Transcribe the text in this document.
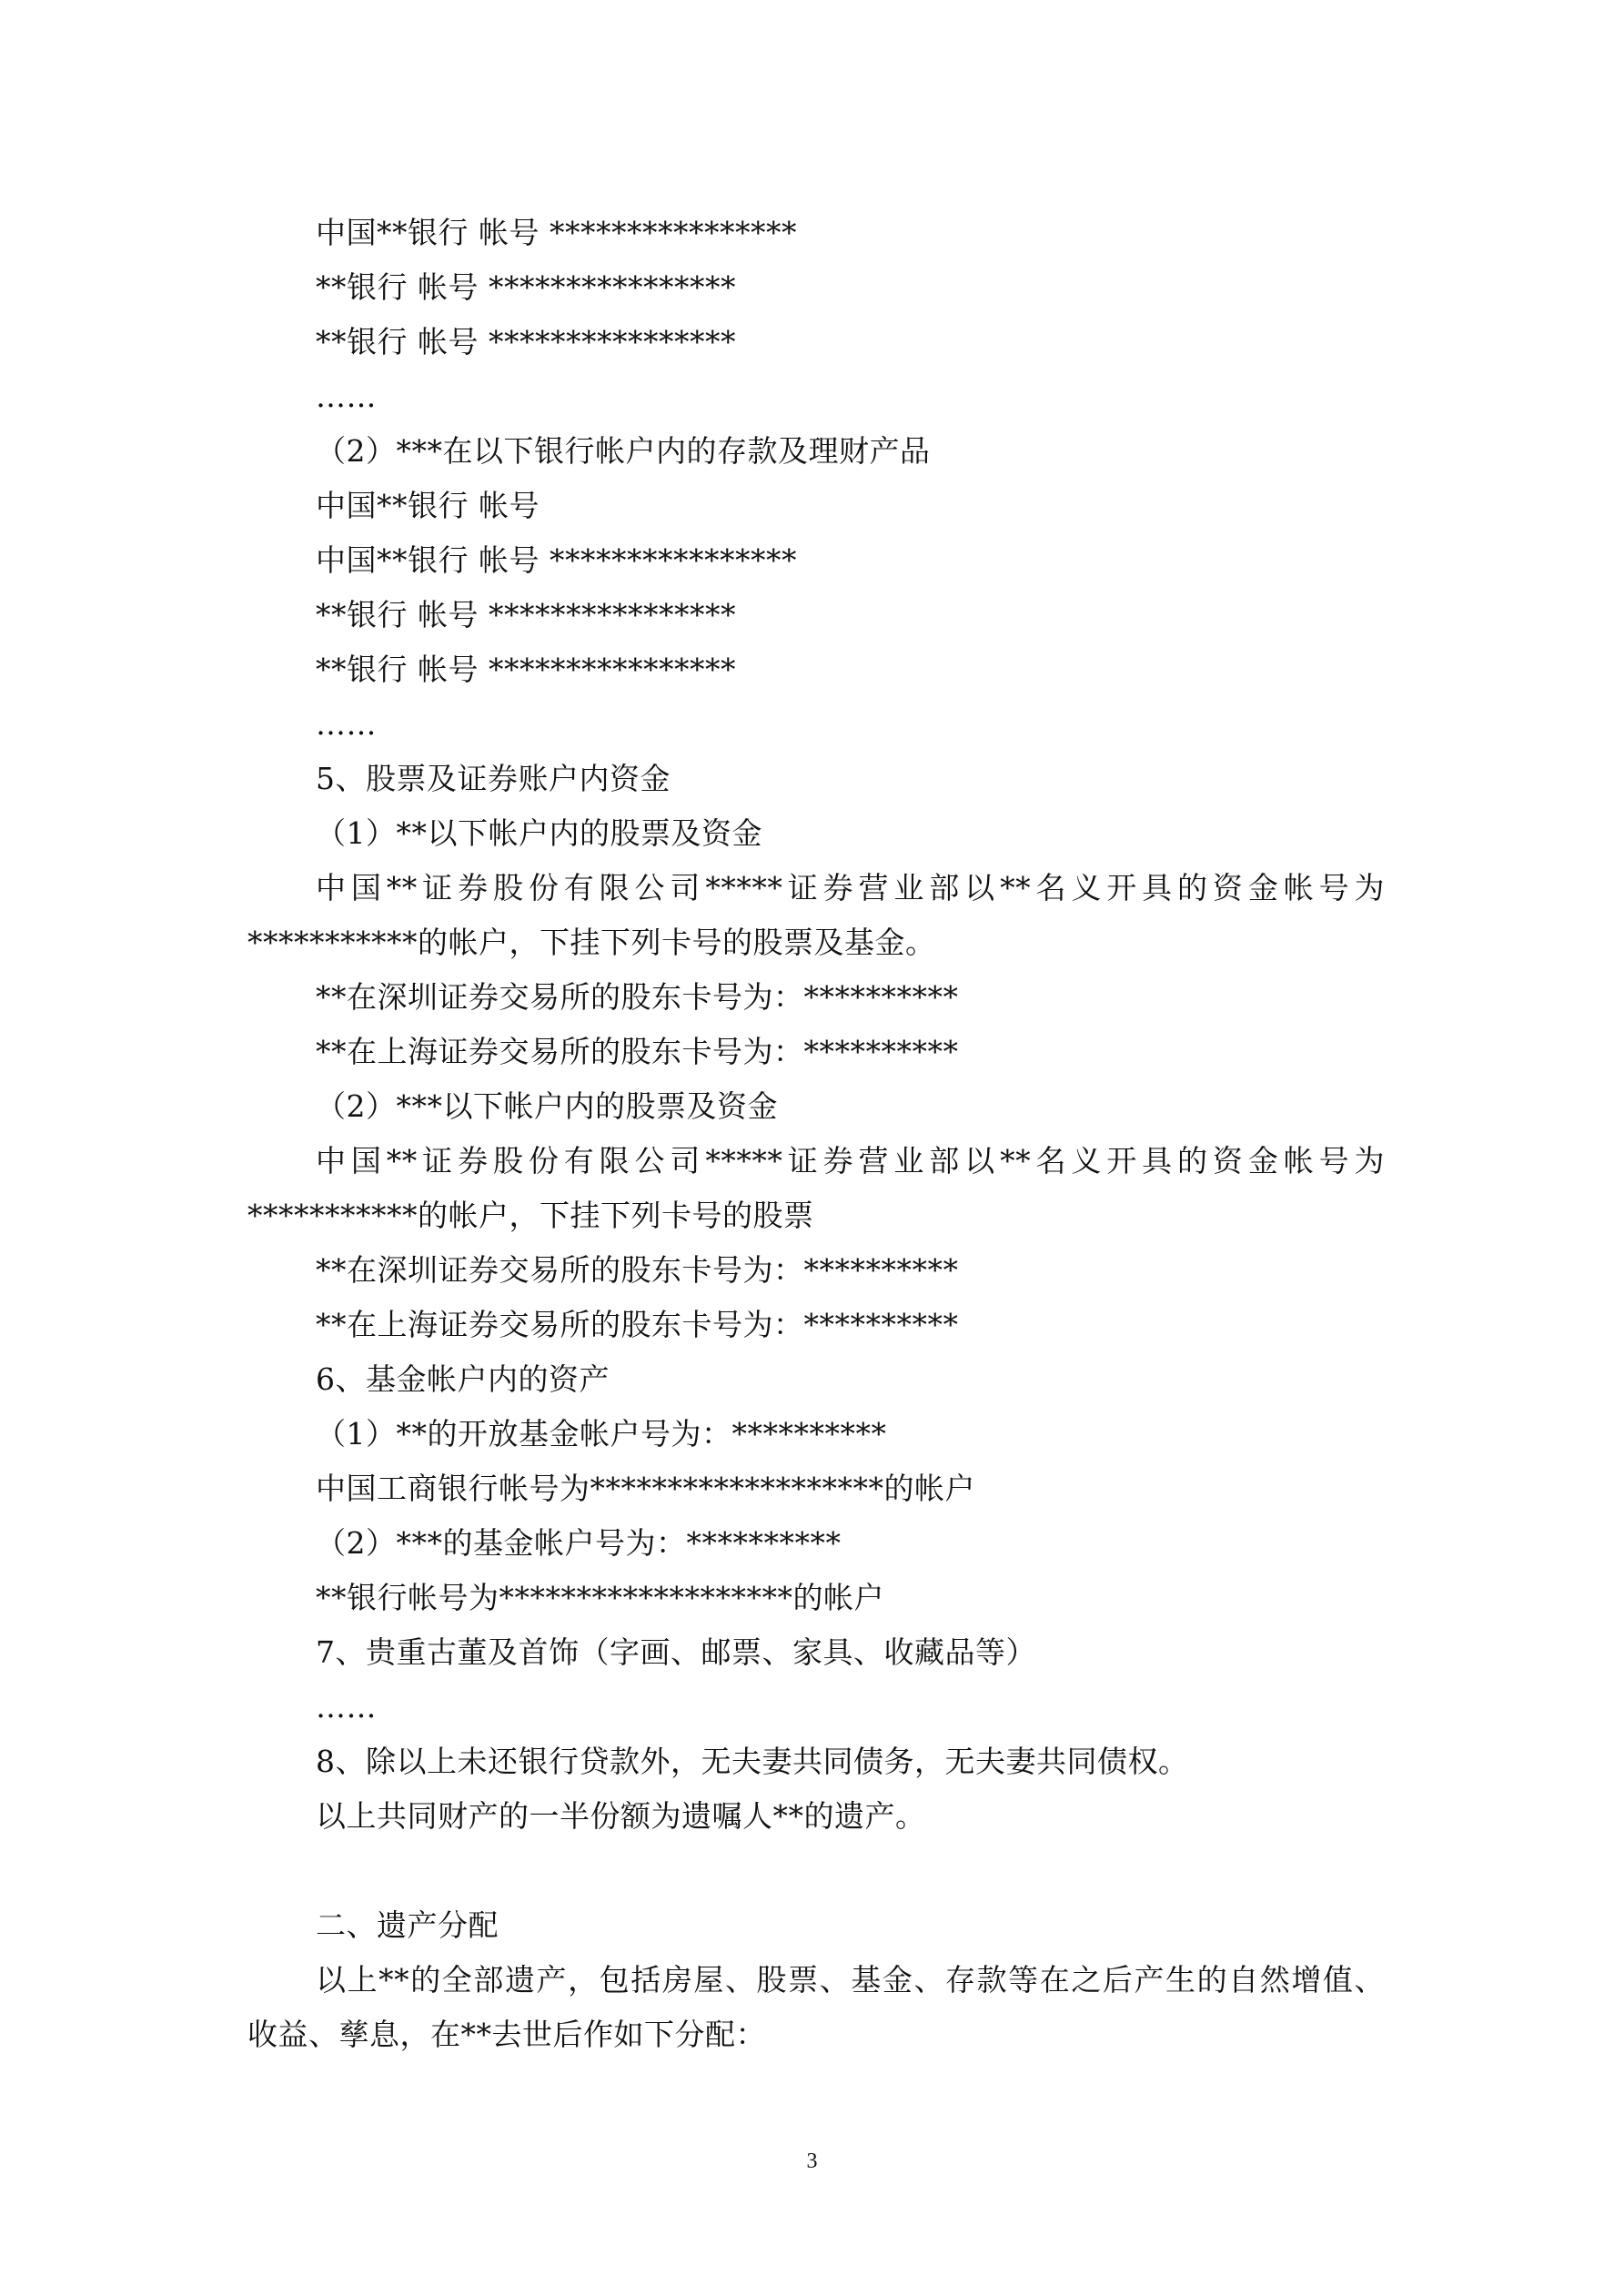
中国**银行 帐号 ****************
**银行 帐号 ****************
**银行 帐号 ****************
……
（2）***在以下银行帐户内的存款及理财产品
中国**银行 帐号
中国**银行 帐号 ****************
**银行 帐号 ****************
**银行 帐号 ****************
……
5、股票及证券账户内资金
（1）**以下帐户内的股票及资金
中国**证券股份有限公司*****证券营业部以**名义开具的资金帐号为
***********的帐户，下挂下列卡号的股票及基金。
**在深圳证券交易所的股东卡号为：**********
**在上海证券交易所的股东卡号为：**********
（2）***以下帐户内的股票及资金
中国**证券股份有限公司*****证券营业部以**名义开具的资金帐号为
***********的帐户，下挂下列卡号的股票
**在深圳证券交易所的股东卡号为：**********
**在上海证券交易所的股东卡号为：**********
6、基金帐户内的资产
（1）**的开放基金帐户号为：**********
中国工商银行帐号为*******************的帐户
（2）***的基金帐户号为：**********
**银行帐号为*******************的帐户
7、贵重古董及首饰（字画、邮票、家具、收藏品等）
……
8、除以上未还银行贷款外，无夫妻共同债务，无夫妻共同债权。
以上共同财产的一半份额为遗嘱人**的遗产。
二、遗产分配
以上**的全部遗产，包括房屋、股票、基金、存款等在之后产生的自然增值、
收益、孳息，在**去世后作如下分配：
3
